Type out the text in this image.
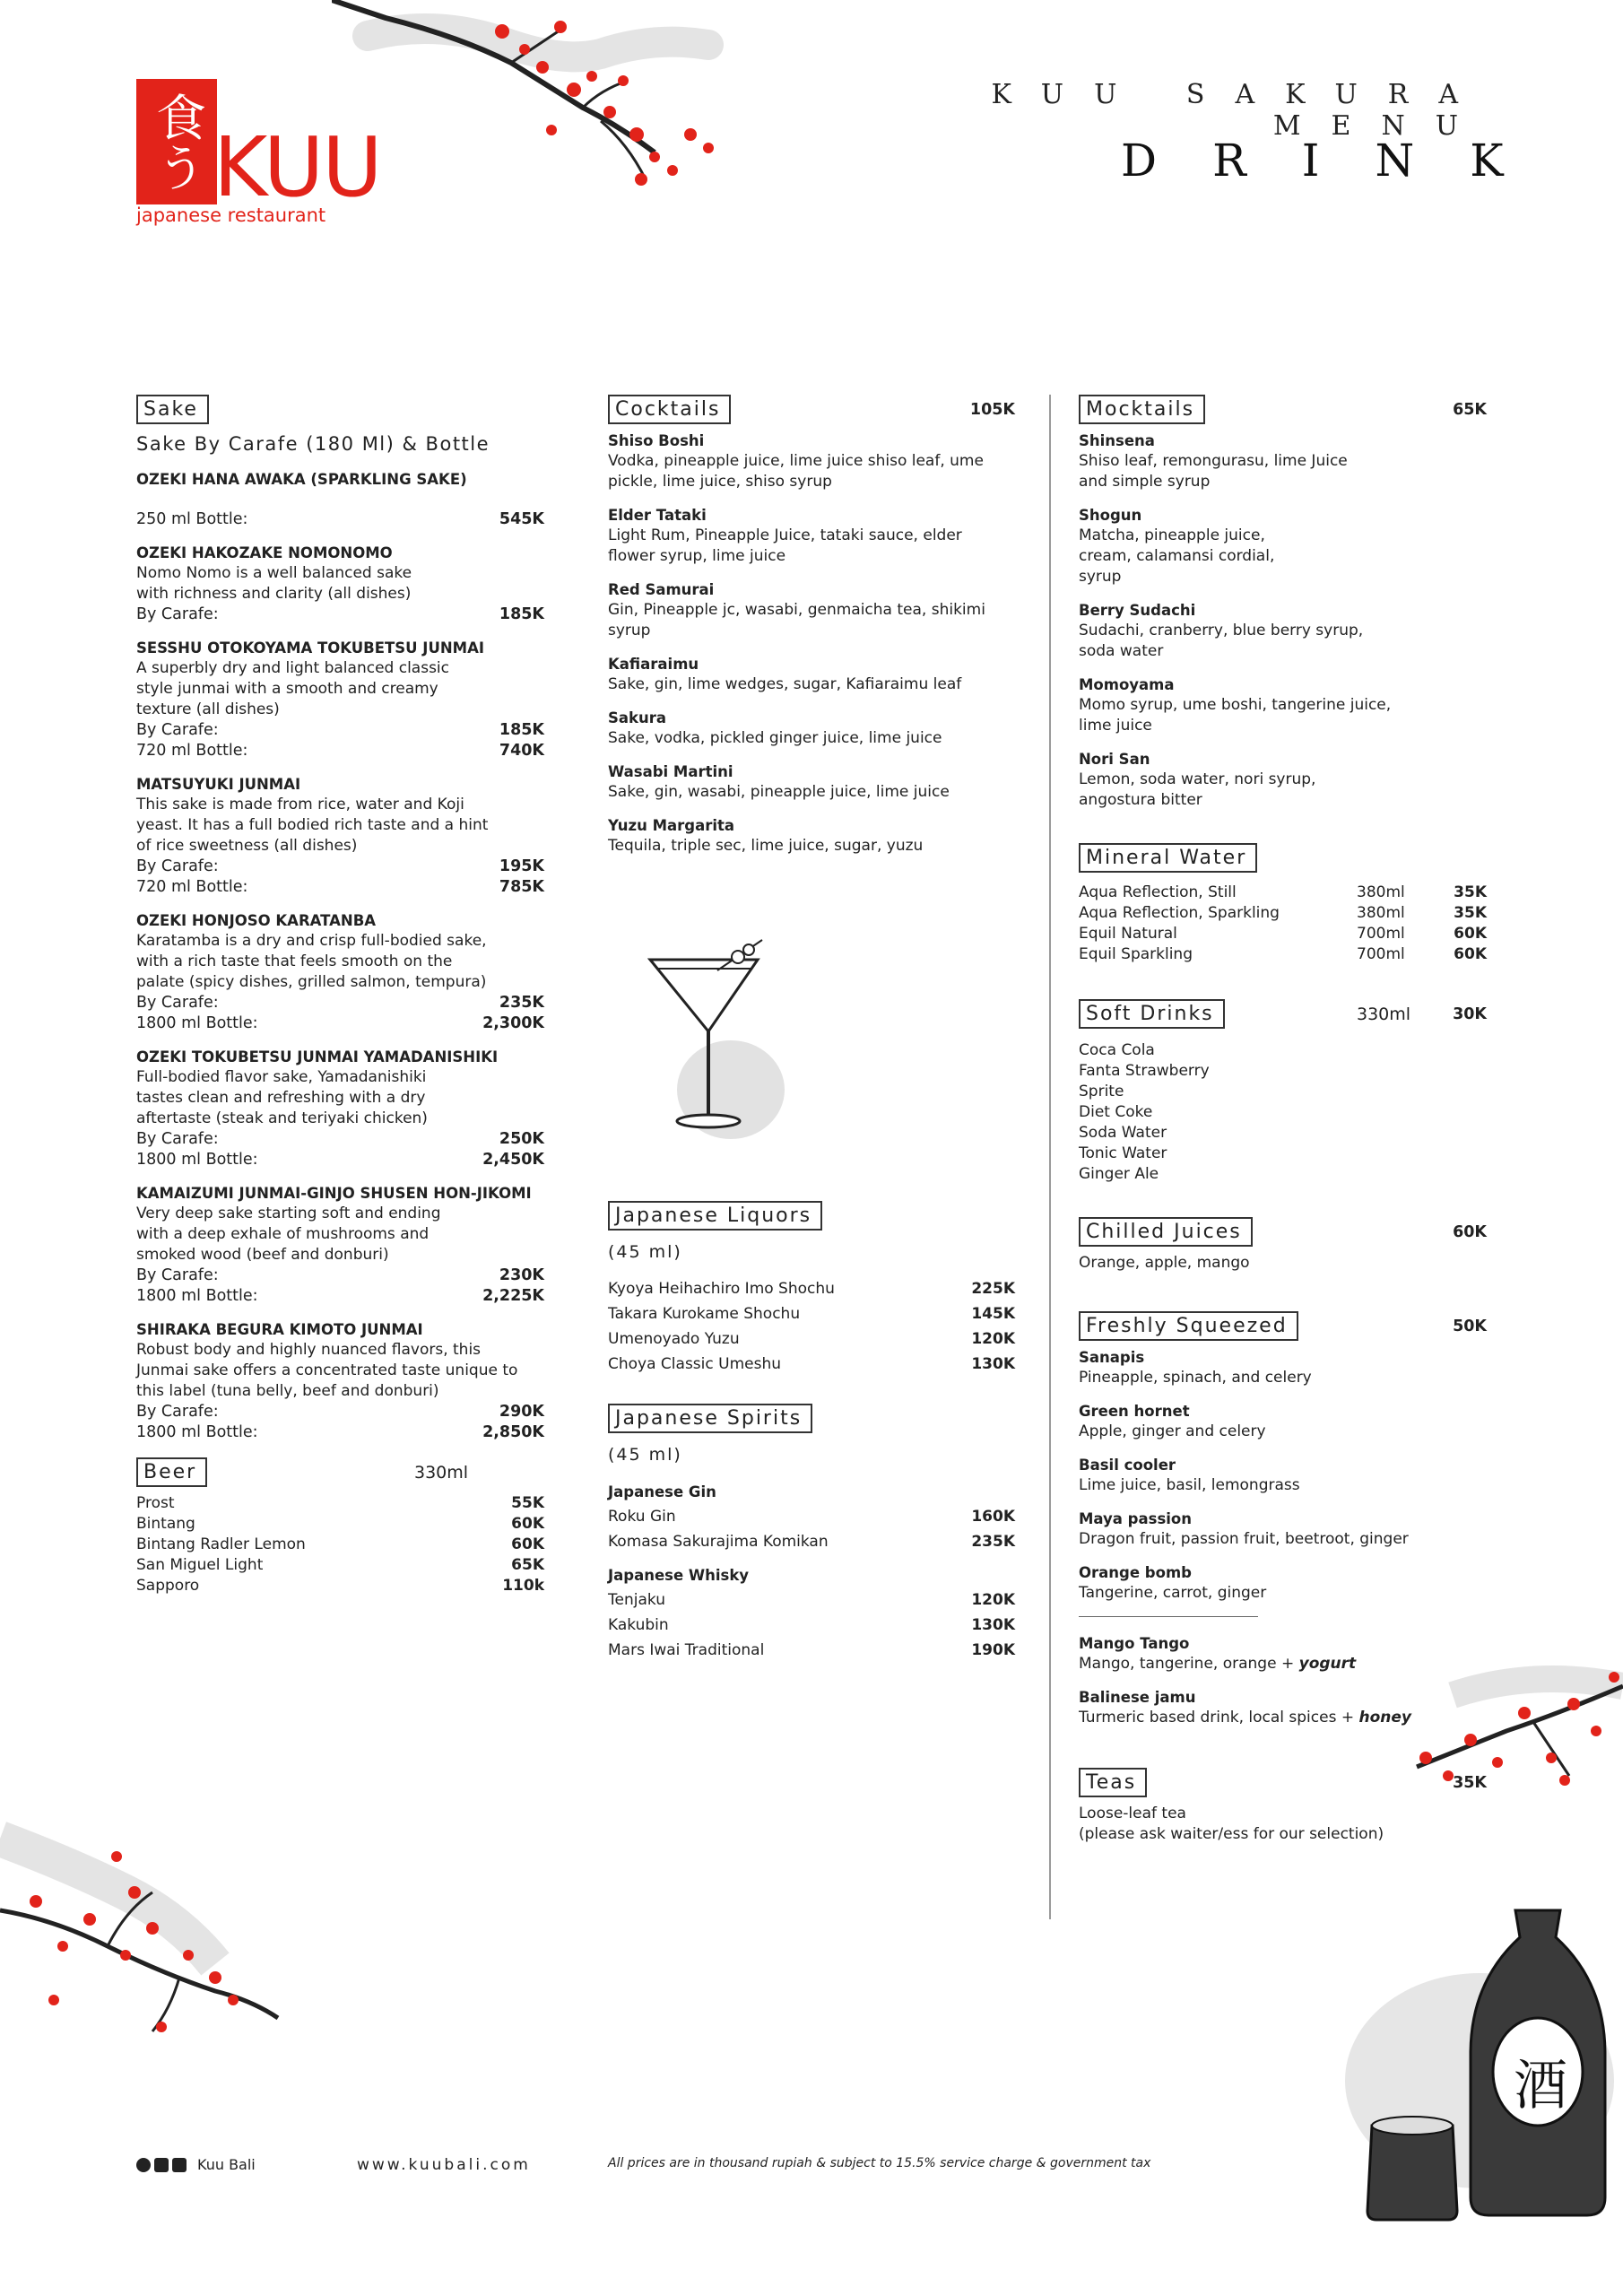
酒
食う KUU
japanese restaurant
KUU SAKURA MENU
DRINK
Sake
Sake By Carafe (180 Ml) & Bottle
OZEKI HANA AWAKA (SPARKLING SAKE)
250 ml Bottle:	545K
OZEKI HAKOZAKE NOMONOMO
Nomo Nomo is a well balanced sake with richness and clarity (all dishes)
By Carafe:	185K
SESSHU OTOKOYAMA TOKUBETSU JUNMAI
A superbly dry and light balanced classic style junmai with a smooth and creamy texture (all dishes)
By Carafe:	185K
720 ml Bottle:	740K
MATSUYUKI JUNMAI
This sake is made from rice, water and Koji yeast. It has a full bodied rich taste and a hint of rice sweetness (all dishes)
By Carafe:	195K
720 ml Bottle:	785K
OZEKI HONJOSO KARATANBA
Karatamba is a dry and crisp full-bodied sake, with a rich taste that feels smooth on the palate (spicy dishes, grilled salmon, tempura)
By Carafe:	235K
1800 ml Bottle:	2,300K
OZEKI TOKUBETSU JUNMAI YAMADANISHIKI
Full-bodied flavor sake, Yamadanishiki tastes clean and refreshing with a dry aftertaste (steak and teriyaki chicken)
By Carafe:	250K
1800 ml Bottle:	2,450K
KAMAIZUMI JUNMAI-GINJO SHUSEN HON-JIKOMI
Very deep sake starting soft and ending with a deep exhale of mushrooms and smoked wood (beef and donburi)
By Carafe:	230K
1800 ml Bottle:	2,225K
SHIRAKA BEGURA KIMOTO JUNMAI
Robust body and highly nuanced flavors, this Junmai sake offers a concentrated taste unique to this label (tuna belly, beef and donburi)
By Carafe:	290K
1800 ml Bottle:	2,850K
Beer	330ml
Prost	55K
Bintang	60K
Bintang Radler Lemon	60K
San Miguel Light	65K
Sapporo	110k
Cocktails	105K
Shiso Boshi
Vodka, pineapple juice, lime juice shiso leaf, ume pickle, lime juice, shiso syrup
Elder Tataki
Light Rum, Pineapple Juice, tataki sauce, elder flower syrup, lime juice
Red Samurai
Gin, Pineapple jc, wasabi, genmaicha tea, shikimi syrup
Kafiaraimu
Sake, gin, lime wedges, sugar, Kafiaraimu leaf
Sakura
Sake, vodka, pickled ginger juice, lime juice
Wasabi Martini
Sake, gin, wasabi, pineapple juice, lime juice
Yuzu Margarita
Tequila, triple sec, lime juice, sugar, yuzu
Japanese Liquors
(45 ml)
Kyoya Heihachiro Imo Shochu	225K
Takara Kurokame Shochu	145K
Umenoyado Yuzu	120K
Choya Classic Umeshu	130K
Japanese Spirits
(45 ml)
Japanese Gin
Roku Gin	160K
Komasa Sakurajima Komikan	235K
Japanese Whisky
Tenjaku	120K
Kakubin	130K
Mars Iwai Traditional	190K
Mocktails	65K
Shinsena
Shiso leaf, remongurasu, lime Juice and simple syrup
Shogun
Matcha, pineapple juice, cream, calamansi cordial, syrup
Berry Sudachi
Sudachi, cranberry, blue berry syrup, soda water
Momoyama
Momo syrup, ume boshi, tangerine juice, lime juice
Nori San
Lemon, soda water, nori syrup, angostura bitter
Mineral Water
Aqua Reflection, Still	380ml	35K
Aqua Reflection, Sparkling	380ml	35K
Equil Natural	700ml	60K
Equil Sparkling	700ml	60K
Soft Drinks	330ml	30K
Coca Cola
Fanta Strawberry
Sprite
Diet Coke
Soda Water
Tonic Water
Ginger Ale
Chilled Juices	60K
Orange, apple, mango
Freshly Squeezed	50K
Sanapis
Pineapple, spinach, and celery
Green hornet
Apple, ginger and celery
Basil cooler
Lime juice, basil, lemongrass
Maya passion
Dragon fruit, passion fruit, beetroot, ginger
Orange bomb
Tangerine, carrot, ginger
Mango Tango
Mango, tangerine, orange + yogurt
Balinese jamu
Turmeric based drink, local spices + honey
Teas	35K
Loose-leaf tea
(please ask waiter/ess for our selection)
Kuu Bali	www.kuubali.com	All prices are in thousand rupiah & subject to 15.5% service charge & government tax
